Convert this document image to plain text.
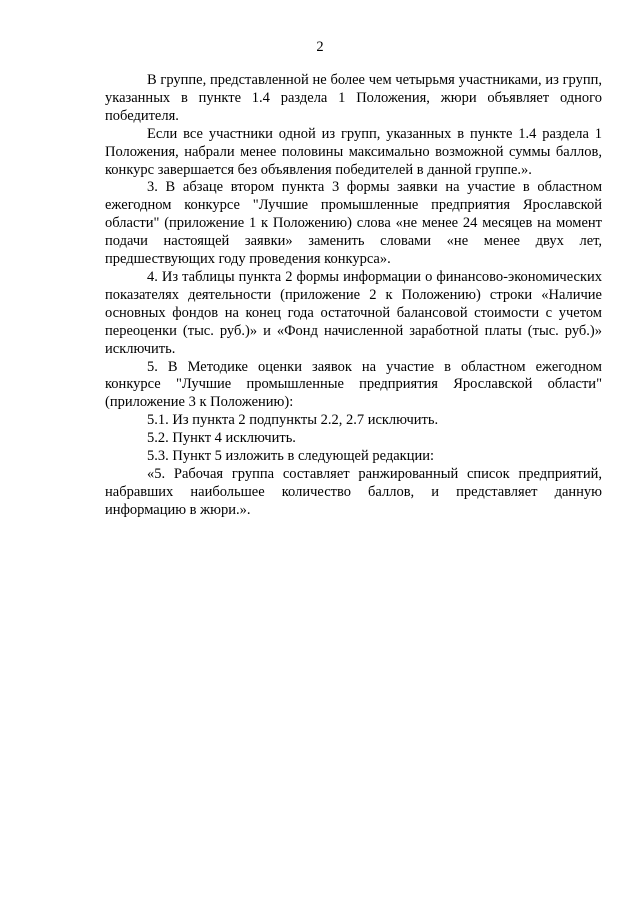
2

В группе, представленной не более чем четырьмя участниками, из групп, указанных в пункте 1.4 раздела 1 Положения, жюри объявляет одного победителя.

Если все участники одной из групп, указанных в пункте 1.4 раздела 1 Положения, набрали менее половины максимально возможной суммы баллов, конкурс завершается без объявления победителей в данной группе.».

3. В абзаце втором пункта 3 формы заявки на участие в областном ежегодном конкурсе "Лучшие промышленные предприятия Ярославской области" (приложение 1 к Положению) слова «не менее 24 месяцев на момент подачи настоящей заявки» заменить словами «не менее двух лет, предшествующих году проведения конкурса».

4. Из таблицы пункта 2 формы информации о финансово-экономических показателях деятельности (приложение 2 к Положению) строки «Наличие основных фондов на конец года остаточной балансовой стоимости с учетом переоценки (тыс. руб.)» и «Фонд начисленной заработной платы (тыс. руб.)» исключить.

5. В Методике оценки заявок на участие в областном ежегодном конкурсе "Лучшие промышленные предприятия Ярославской области" (приложение 3 к Положению):

5.1. Из пункта 2 подпункты 2.2, 2.7 исключить.

5.2. Пункт 4 исключить.

5.3. Пункт 5 изложить в следующей редакции:

«5. Рабочая группа составляет ранжированный список предприятий, набравших наибольшее количество баллов, и представляет данную информацию в жюри.».
